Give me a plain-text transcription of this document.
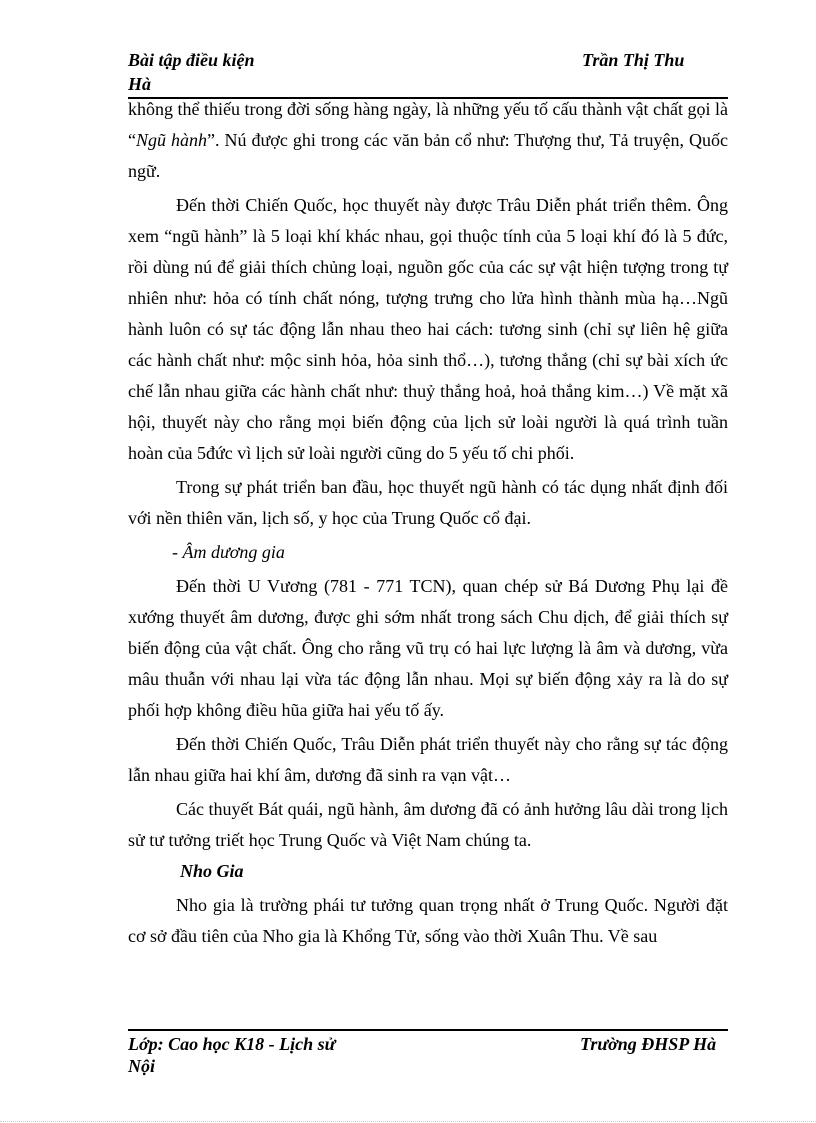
Bài tập điều kiện	Trần Thị Thu
Hà

không thể thiếu trong đời sống hàng ngày, là những yếu tố cấu thành vật chất gọi là “Ngũ hành”. Nú được ghi trong các văn bản cổ như: Thượng thư, Tả truyện, Quốc ngữ.

Đến thời Chiến Quốc, học thuyết này được Trâu Diễn phát triển thêm. Ông xem “ngũ hành” là 5 loại khí khác nhau, gọi thuộc tính của 5 loại khí đó là 5 đức, rồi dùng nú để giải thích chủng loại, nguồn gốc của các sự vật hiện tượng trong tự nhiên như: hỏa có tính chất nóng, tượng trưng cho lửa hình thành mùa hạ…Ngũ hành luôn có sự tác động lẫn nhau theo hai cách: tương sinh (chỉ sự liên hệ giữa các hành chất như: mộc sinh hỏa, hỏa sinh thổ…), tương thắng (chỉ sự bài xích ức chế lẫn nhau giữa các hành chất như: thuỷ thắng hoả, hoả thắng kim…) Về mặt xã hội, thuyết này cho rằng mọi biến động của lịch sử loài người là quá trình tuần hoàn của 5đức vì lịch sử loài người cũng do 5 yếu tố chi phối.

Trong sự phát triển ban đầu, học thuyết ngũ hành có tác dụng nhất định đối với nền thiên văn, lịch số, y học của Trung Quốc cổ đại.

- Âm dương gia

Đến thời U Vương (781 - 771 TCN), quan chép sử Bá Dương Phụ lại đề xướng thuyết âm dương, được ghi sớm nhất trong sách Chu dịch, để giải thích sự biến động của vật chất. Ông cho rằng vũ trụ có hai lực lượng là âm và dương, vừa mâu thuẫn với nhau lại vừa tác động lẫn nhau. Mọi sự biến động xảy ra là do sự phối hợp không điều hũa giữa hai yếu tố ấy.

Đến thời Chiến Quốc, Trâu Diễn phát triển thuyết này cho rằng sự tác động lẫn nhau giữa hai khí âm, dương đã sinh ra vạn vật…

Các thuyết Bát quái, ngũ hành, âm dương đã có ảnh hưởng lâu dài trong lịch sử tư tưởng triết học Trung Quốc và Việt Nam chúng ta.

Nho Gia

Nho gia là trường phái tư tưởng quan trọng nhất ở Trung Quốc. Người đặt cơ sở đầu tiên của Nho gia là Khổng Tử, sống vào thời Xuân Thu. Về sau

Lớp: Cao học K18 - Lịch sử	Trường ĐHSP Hà
Nội
